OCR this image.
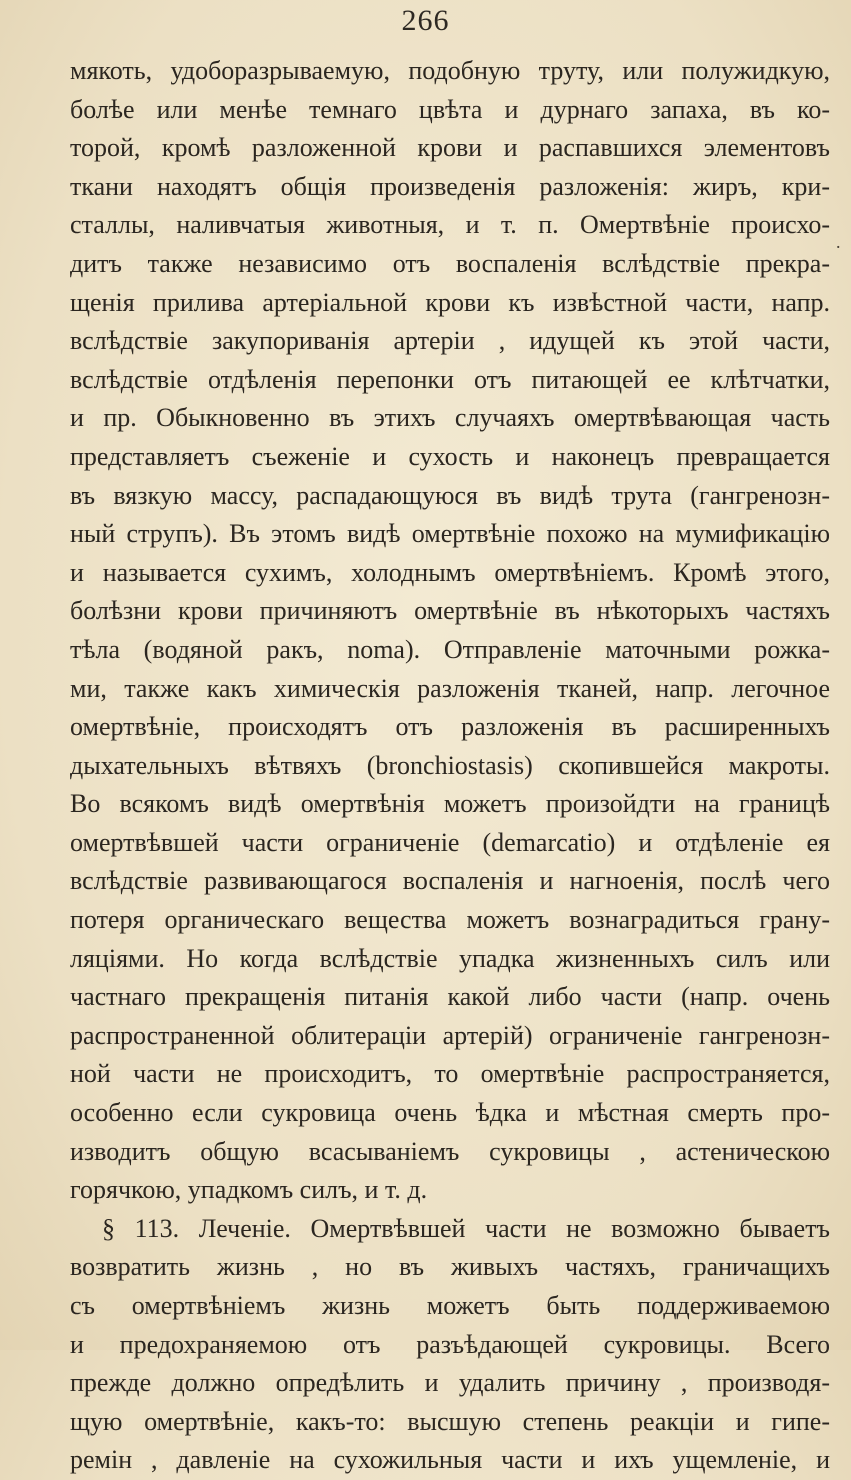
266
.
мякоть, удоборазрываемую, подобную труту, или полужидкую,
болѣе или менѣе темнаго цвѣта и дурнаго запаха, въ ко-
торой, кромѣ разложенной крови и распавшихся элементовъ
ткани находятъ общія произведенія разложенія: жиръ, кри-
сталлы, наливчатыя животныя, и т. п. Омертвѣніе происхо-
дитъ также независимо отъ воспаленія вслѣдствіе прекра-
щенія прилива артеріальной крови къ извѣстной части, напр.
вслѣдствіе закупориванія артеріи , идущей къ этой части,
вслѣдствіе отдѣленія перепонки отъ питающей ее клѣтчатки,
и пр. Обыкновенно въ этихъ случаяхъ омертвѣвающая часть
представляетъ съеженіе и сухость и наконецъ превращается
въ вязкую массу, распадающуюся въ видѣ трута (гангренозн-
ный струпъ). Въ этомъ видѣ омертвѣніе похожо на мумификацію
и называется сухимъ, холоднымъ омертвѣніемъ. Кромѣ этого,
болѣзни крови причиняютъ омертвѣніе въ нѣкоторыхъ частяхъ
тѣла (водяной ракъ, noma). Отправленіе маточными рожка-
ми, также какъ химическія разложенія тканей, напр. легочное
омертвѣніе, происходятъ отъ разложенія въ расширенныхъ
дыхательныхъ вѣтвяхъ (bronchiostasis) скопившейся макроты.
Во всякомъ видѣ омертвѣнія можетъ произойдти на границѣ
омертвѣвшей части ограниченіе (demarcatio) и отдѣленіе ея
вслѣдствіе развивающагося воспаленія и нагноенія, послѣ чего
потеря органическаго вещества можетъ вознаградиться грану-
ляціями. Но когда вслѣдствіе упадка жизненныхъ силъ или
частнаго прекращенія питанія какой либо части (напр. очень
распространенной облитераціи артерій) ограниченіе гангренозн-
ной части не происходитъ, то омертвѣніе распространяется,
особенно если сукровица очень ѣдка и мѣстная смерть про-
изводитъ общую всасываніемъ сукровицы , астеническою
горячкою, упадкомъ силъ, и т. д.
§ 113. Леченіе. Омертвѣвшей части не возможно бываетъ
возвратить жизнь , но въ живыхъ частяхъ, граничащихъ
съ омертвѣніемъ жизнь можетъ быть поддерживаемою
и предохраняемою отъ разъѣдающей сукровицы. Всего
прежде должно опредѣлить и удалить причину , производя-
щую омертвѣніе, какъ-то: высшую степень реакціи и гипе-
ремін , давленіе на сухожильныя части и ихъ ущемленіе, и
